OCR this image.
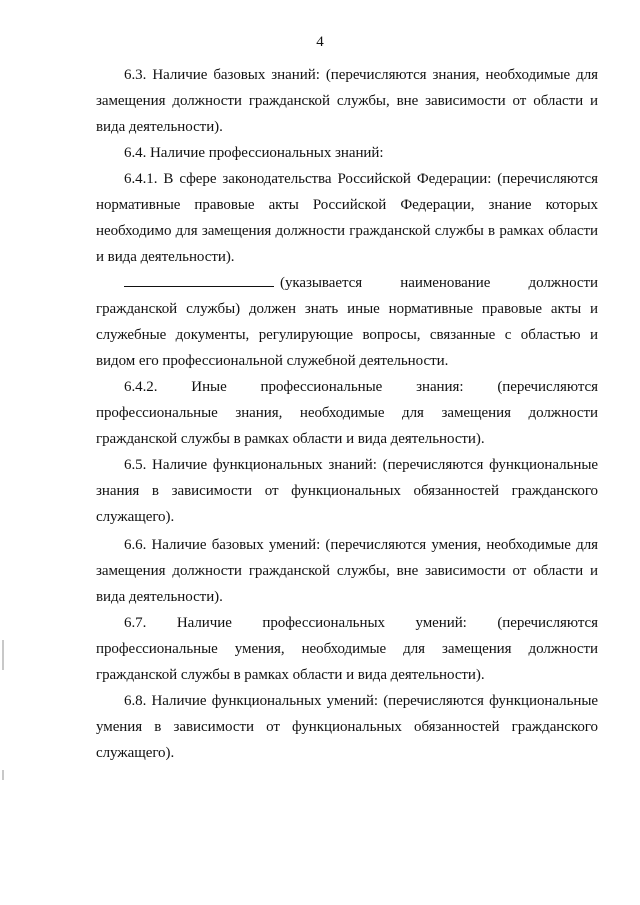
4

6.3. Наличие базовых знаний: (перечисляются знания, необходимые для замещения должности гражданской службы, вне зависимости от области и вида деятельности).

6.4. Наличие профессиональных знаний:

6.4.1. В сфере законодательства Российской Федерации: (перечисляются нормативные правовые акты Российской Федерации, знание которых необходимо для замещения должности гражданской службы в рамках области и вида деятельности).

(указывается наименование должности гражданской службы) должен знать иные нормативные правовые акты и служебные документы, регулирующие вопросы, связанные с областью и видом его профессиональной служебной деятельности.

6.4.2. Иные профессиональные знания: (перечисляются профессиональные знания, необходимые для замещения должности гражданской службы в рамках области и вида деятельности).

6.5. Наличие функциональных знаний: (перечисляются функциональные знания в зависимости от функциональных обязанностей гражданского служащего).

6.6. Наличие базовых умений: (перечисляются умения, необходимые для замещения должности гражданской службы, вне зависимости от области и вида деятельности).

6.7. Наличие профессиональных умений: (перечисляются профессиональные умения, необходимые для замещения должности гражданской службы в рамках области и вида деятельности).

6.8. Наличие функциональных умений: (перечисляются функциональные умения в зависимости от функциональных обязанностей гражданского служащего).
